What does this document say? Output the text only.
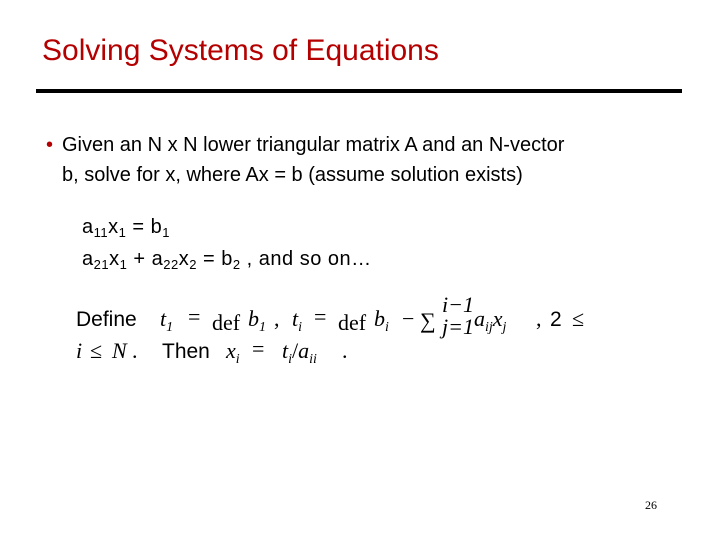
Solving Systems of Equations
• Given an N x N lower triangular matrix A and an N-vector
b, solve for x, where Ax = b (assume solution exists)
$a_{11}x_1 = b_1$
$a_{21}x_1 + a_{22}x_2 = b_2$ , and so on…
Define $t_1$ = def $b_1$ , $t_i$ = def $b_i$ − ∑
i−1
j=1 $a_{ij}x_j$ , 2 ≤
i ≤ N . Then $x_i = t_i/a_{ii}$ .
26
